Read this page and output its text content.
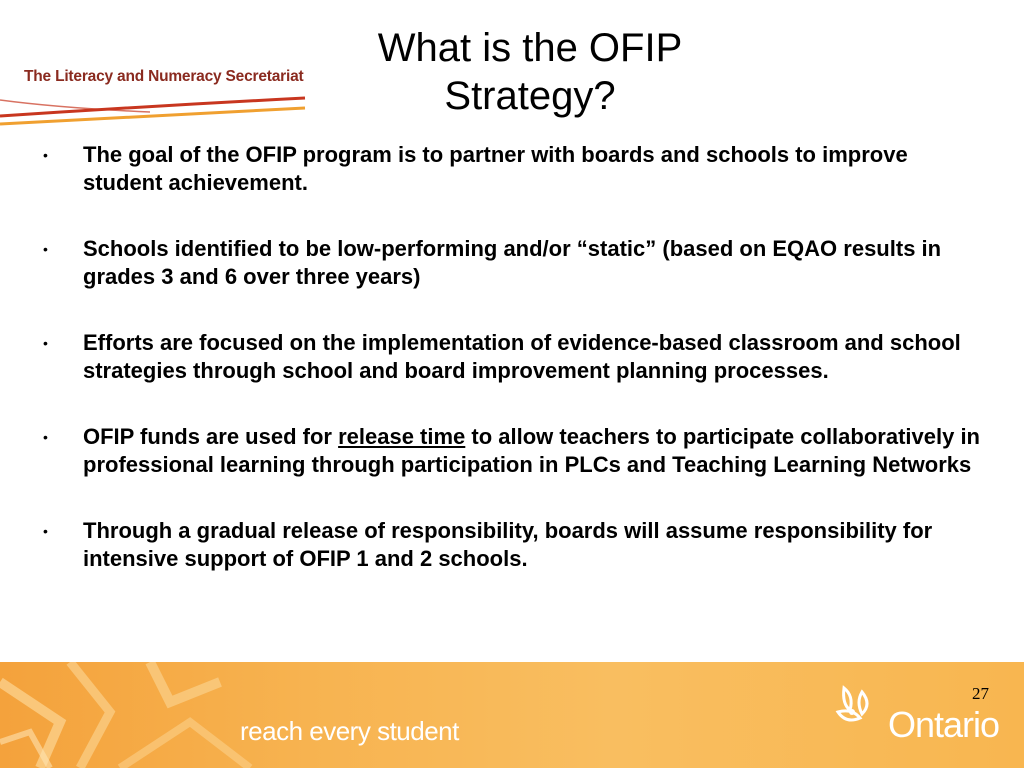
The Literacy and Numeracy Secretariat
What is the OFIP
Strategy?
• The goal of the OFIP program is to partner with boards and schools to improve student achievement.
• Schools identified to be low-performing and/or “static” (based on EQAO results in grades 3 and 6 over three years)
• Efforts are focused on the implementation of evidence-based classroom and school strategies through school and board improvement planning processes.
• OFIP funds are used for release time to allow teachers to participate collaboratively in professional learning through participation in PLCs and Teaching Learning Networks
• Through a gradual release of responsibility, boards will assume responsibility for intensive support of OFIP 1 and 2 schools.
reach every student
27
Ontario
